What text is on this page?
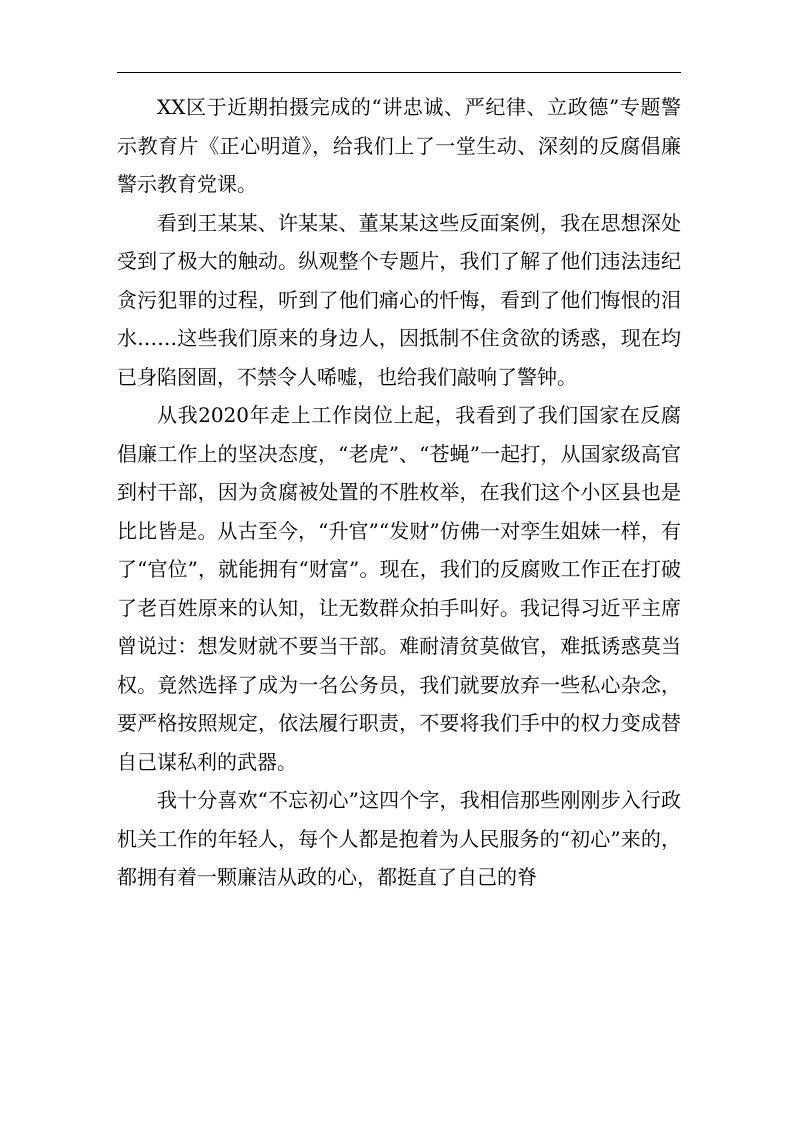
XX区于近期拍摄完成的“讲忠诚、严纪律、立政德”专题警示教育片《正心明道》，给我们上了一堂生动、深刻的反腐倡廉警示教育党课。

看到王某某、许某某、董某某这些反面案例，我在思想深处受到了极大的触动。纵观整个专题片，我们了解了他们违法违纪贪污犯罪的过程，听到了他们痛心的忏悔，看到了他们悔恨的泪水……这些我们原来的身边人，因抵制不住贪欲的诱惑，现在均已身陷囹圄，不禁令人唏嘘，也给我们敲响了警钟。

从我2020年走上工作岗位上起，我看到了我们国家在反腐倡廉工作上的坚决态度，“老虎”、“苍蝇”一起打，从国家级高官到村干部，因为贪腐被处置的不胜枚举，在我们这个小区县也是比比皆是。从古至今，“升官”“发财”仿佛一对孪生姐妹一样，有了“官位”，就能拥有“财富”。现在，我们的反腐败工作正在打破了老百姓原来的认知，让无数群众拍手叫好。我记得习近平主席曾说过：想发财就不要当干部。难耐清贫莫做官，难抵诱惑莫当权。竟然选择了成为一名公务员，我们就要放弃一些私心杂念，要严格按照规定，依法履行职责，不要将我们手中的权力变成替自己谋私利的武器。

我十分喜欢“不忘初心”这四个字，我相信那些刚刚步入行政机关工作的年轻人，每个人都是抱着为人民服务的“初心”来的，都拥有着一颗廉洁从政的心，都挺直了自己的脊
